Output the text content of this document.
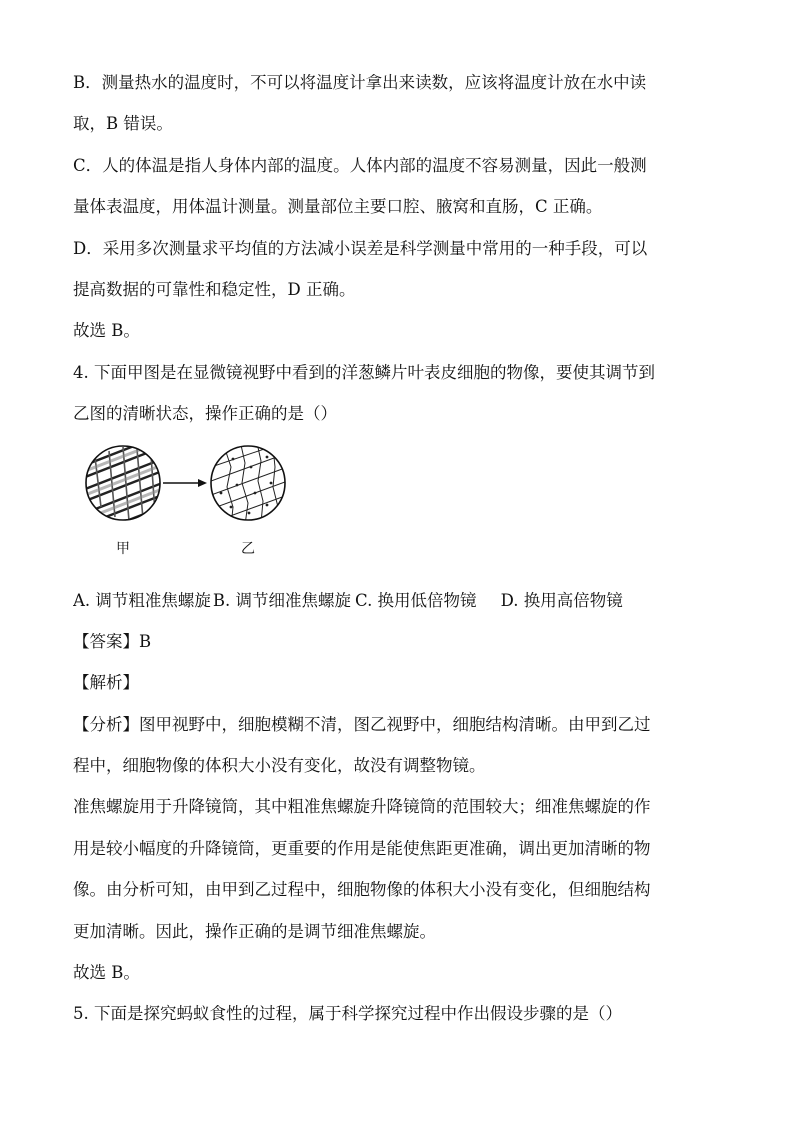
B．测量热水的温度时，不可以将温度计拿出来读数，应该将温度计放在水中读
取，B 错误。
C．人的体温是指人身体内部的温度。人体内部的温度不容易测量，因此一般测
量体表温度，用体温计测量。测量部位主要口腔、腋窝和直肠，C 正确。
D．采用多次测量求平均值的方法减小误差是科学测量中常用的一种手段，可以
提高数据的可靠性和稳定性，D 正确。
故选 B。
4. 下面甲图是在显微镜视野中看到的洋葱鳞片叶表皮细胞的物像，要使其调节到
乙图的清晰状态，操作正确的是（）
甲	乙
A. 调节粗准焦螺旋 B. 调节细准焦螺旋 C. 换用低倍物镜 D. 换用高倍物镜
【答案】B
【解析】
【分析】图甲视野中，细胞模糊不清，图乙视野中，细胞结构清晰。由甲到乙过
程中，细胞物像的体积大小没有变化，故没有调整物镜。
准焦螺旋用于升降镜筒，其中粗准焦螺旋升降镜筒的范围较大；细准焦螺旋的作
用是较小幅度的升降镜筒，更重要的作用是能使焦距更准确，调出更加清晰的物
像。由分析可知，由甲到乙过程中，细胞物像的体积大小没有变化，但细胞结构
更加清晰。因此，操作正确的是调节细准焦螺旋。
故选 B。
5. 下面是探究蚂蚁食性的过程，属于科学探究过程中作出假设步骤的是（）
